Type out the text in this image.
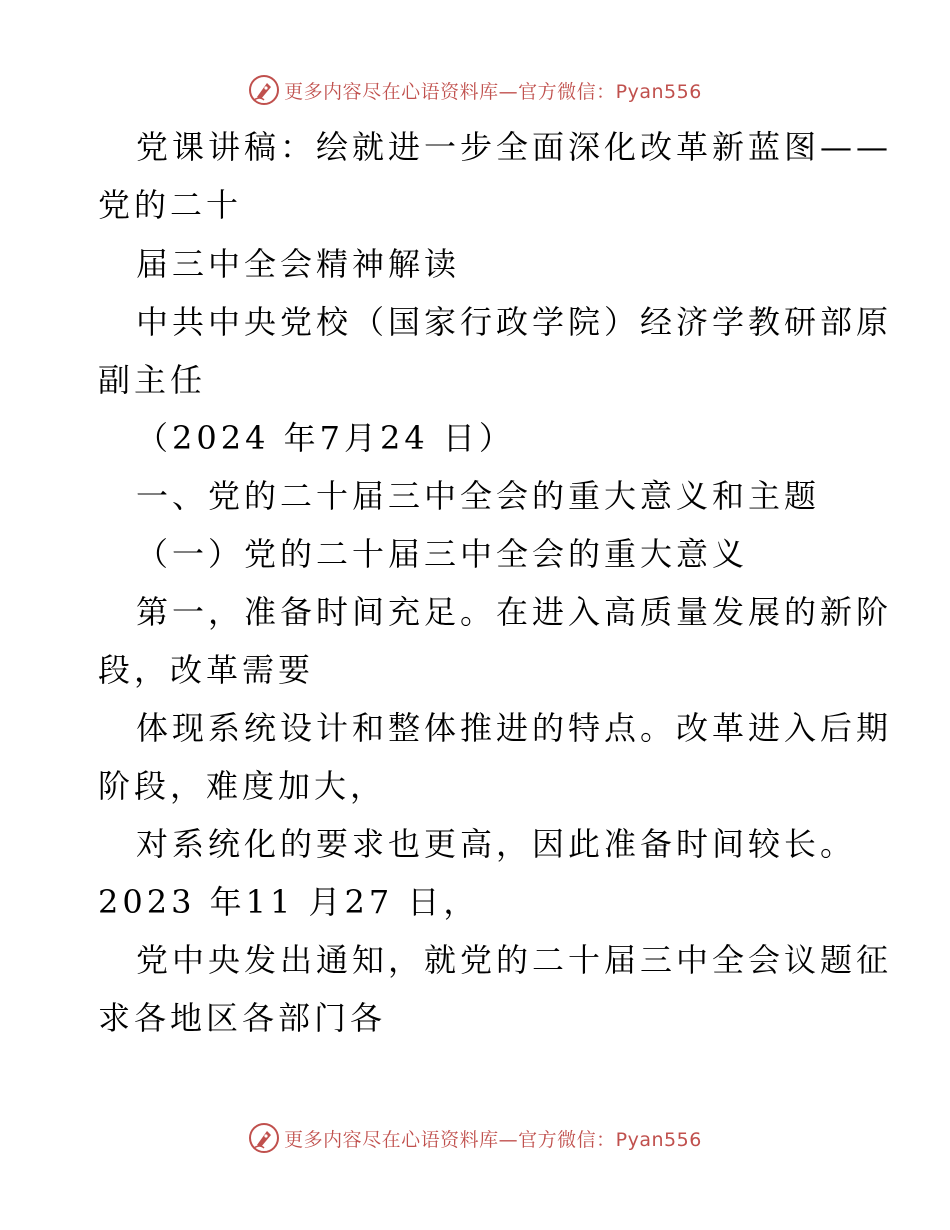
更多内容尽在心语资料库—官方微信：Pyan556
党课讲稿：绘就进一步全面深化改革新蓝图——
党的二十
届三中全会精神解读
中共中央党校（国家行政学院）经济学教研部原
副主任
（2024 年7月24 日）
一、党的二十届三中全会的重大意义和主题
（一）党的二十届三中全会的重大意义
第一，准备时间充足。在进入高质量发展的新阶
段，改革需要
体现系统设计和整体推进的特点。改革进入后期
阶段，难度加大，
对系统化的要求也更高，因此准备时间较长。
2023 年11 月27 日，
党中央发出通知，就党的二十届三中全会议题征
求各地区各部门各
更多内容尽在心语资料库—官方微信：Pyan556
